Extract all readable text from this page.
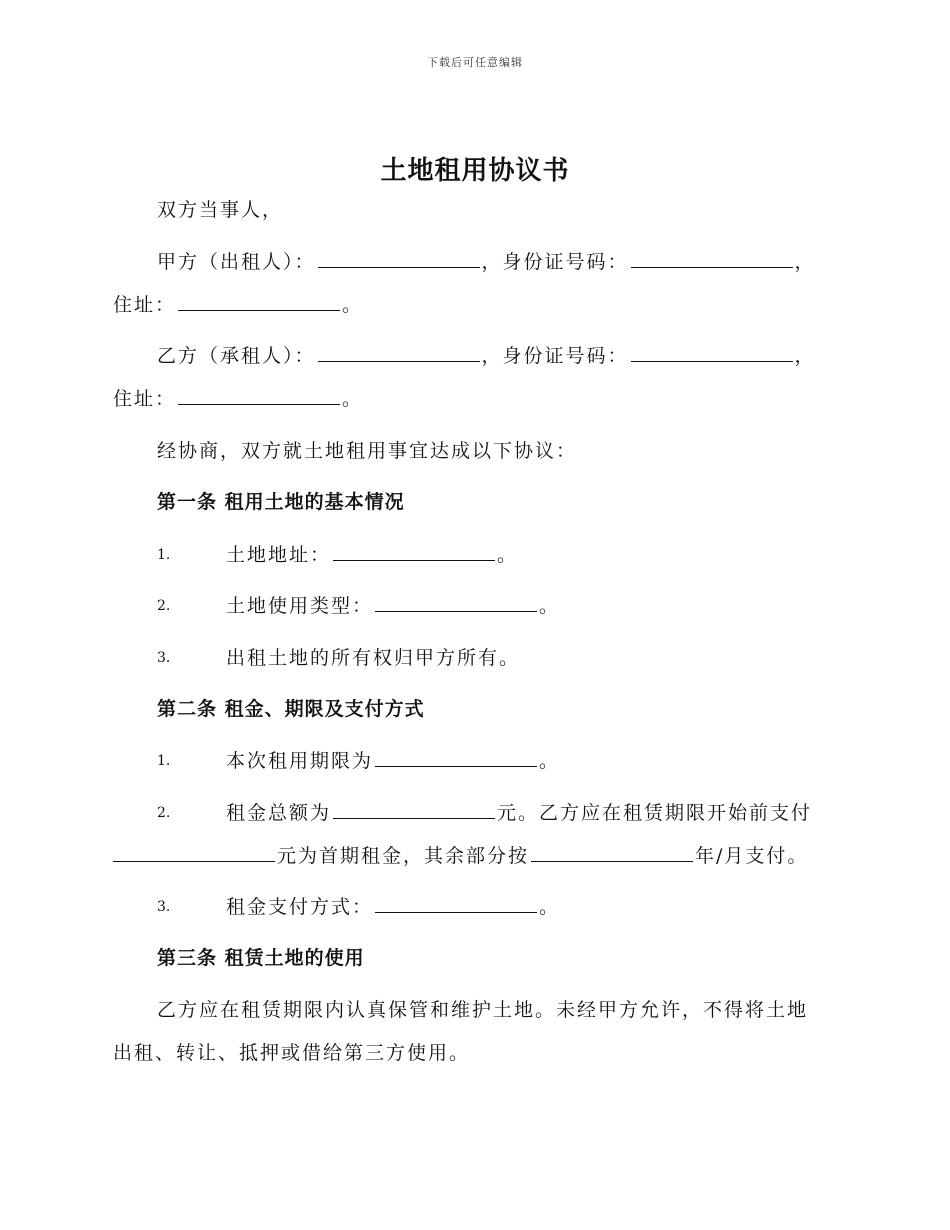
下载后可任意编辑
土地租用协议书
双方当事人，
甲方（出租人）：	，身份证号码：	，
住址：	。
乙方（承租人）：	，身份证号码：	，
住址：	。
经协商，双方就土地租用事宜达成以下协议：
第一条 租用土地的基本情况
1.	土地地址：	。
2.	土地使用类型：	。
3.	出租土地的所有权归甲方所有。
第二条 租金、期限及支付方式
1.	本次租用期限为	。
2.	租金总额为	元。乙方应在租赁期限开始前支付
元为首期租金，其余部分按	年/月支付。
3.	租金支付方式：	。
第三条 租赁土地的使用
乙方应在租赁期限内认真保管和维护土地。未经甲方允许，不得将土地
出租、转让、抵押或借给第三方使用。
